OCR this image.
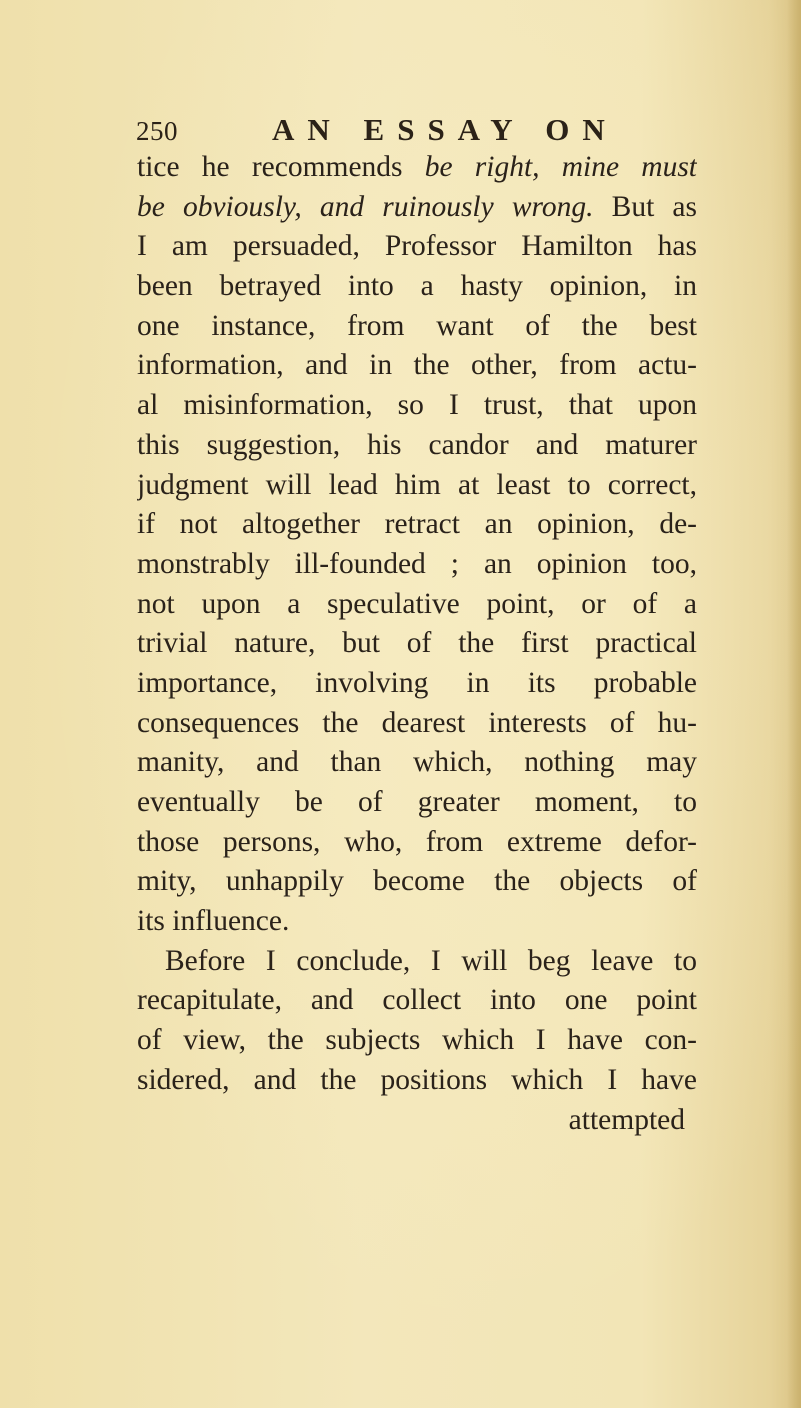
250	AN ESSAY ON
tice he recommends be right, mine must
be obviously, and ruinously wrong. But as
I am persuaded, Professor Hamilton has
been betrayed into a hasty opinion, in
one instance, from want of the best
information, and in the other, from actu-
al misinformation, so I trust, that upon
this suggestion, his candor and maturer
judgment will lead him at least to correct,
if not altogether retract an opinion, de-
monstrably ill-founded ; an opinion too,
not upon a speculative point, or of a
trivial nature, but of the first practical
importance, involving in its probable
consequences the dearest interests of hu-
manity, and than which, nothing may
eventually be of greater moment, to
those persons, who, from extreme defor-
mity, unhappily become the objects of
its influence.
Before I conclude, I will beg leave to
recapitulate, and collect into one point
of view, the subjects which I have con-
sidered, and the positions which I have
attempted
